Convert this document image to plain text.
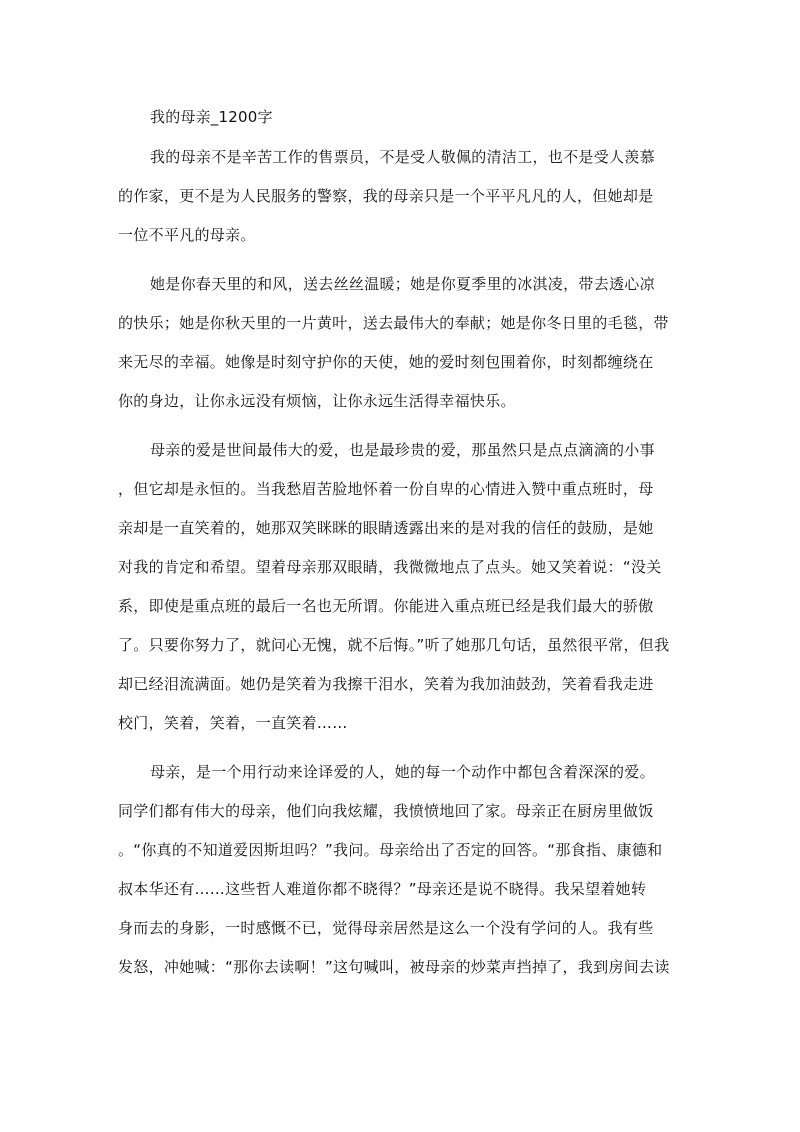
我的母亲_1200字
我的母亲不是辛苦工作的售票员，不是受人敬佩的清洁工，也不是受人羡慕
的作家，更不是为人民服务的警察，我的母亲只是一个平平凡凡的人，但她却是
一位不平凡的母亲。
她是你春天里的和风，送去丝丝温暖；她是你夏季里的冰淇凌，带去透心凉
的快乐；她是你秋天里的一片黄叶，送去最伟大的奉献；她是你冬日里的毛毯，带
来无尽的幸福。她像是时刻守护你的天使，她的爱时刻包围着你，时刻都缠绕在
你的身边，让你永远没有烦恼，让你永远生活得幸福快乐。
母亲的爱是世间最伟大的爱，也是最珍贵的爱，那虽然只是点点滴滴的小事
，但它却是永恒的。当我愁眉苦脸地怀着一份自卑的心情进入赞中重点班时，母
亲却是一直笑着的，她那双笑眯眯的眼睛透露出来的是对我的信任的鼓励，是她
对我的肯定和希望。望着母亲那双眼睛，我微微地点了点头。她又笑着说：“没关
系，即使是重点班的最后一名也无所谓。你能进入重点班已经是我们最大的骄傲
了。只要你努力了，就问心无愧，就不后悔。”听了她那几句话，虽然很平常，但我
却已经泪流满面。她仍是笑着为我擦干泪水，笑着为我加油鼓劲，笑着看我走进
校门，笑着，笑着，一直笑着……
母亲，是一个用行动来诠译爱的人，她的每一个动作中都包含着深深的爱。
同学们都有伟大的母亲，他们向我炫耀，我愤愤地回了家。母亲正在厨房里做饭
。“你真的不知道爱因斯坦吗？”我问。母亲给出了否定的回答。“那食指、康德和
叔本华还有……这些哲人难道你都不晓得？”母亲还是说不晓得。我呆望着她转
身而去的身影，一时感慨不已，觉得母亲居然是这么一个没有学问的人。我有些
发怒，冲她喊：“那你去读啊！”这句喊叫，被母亲的炒菜声挡掉了，我到房间去读
